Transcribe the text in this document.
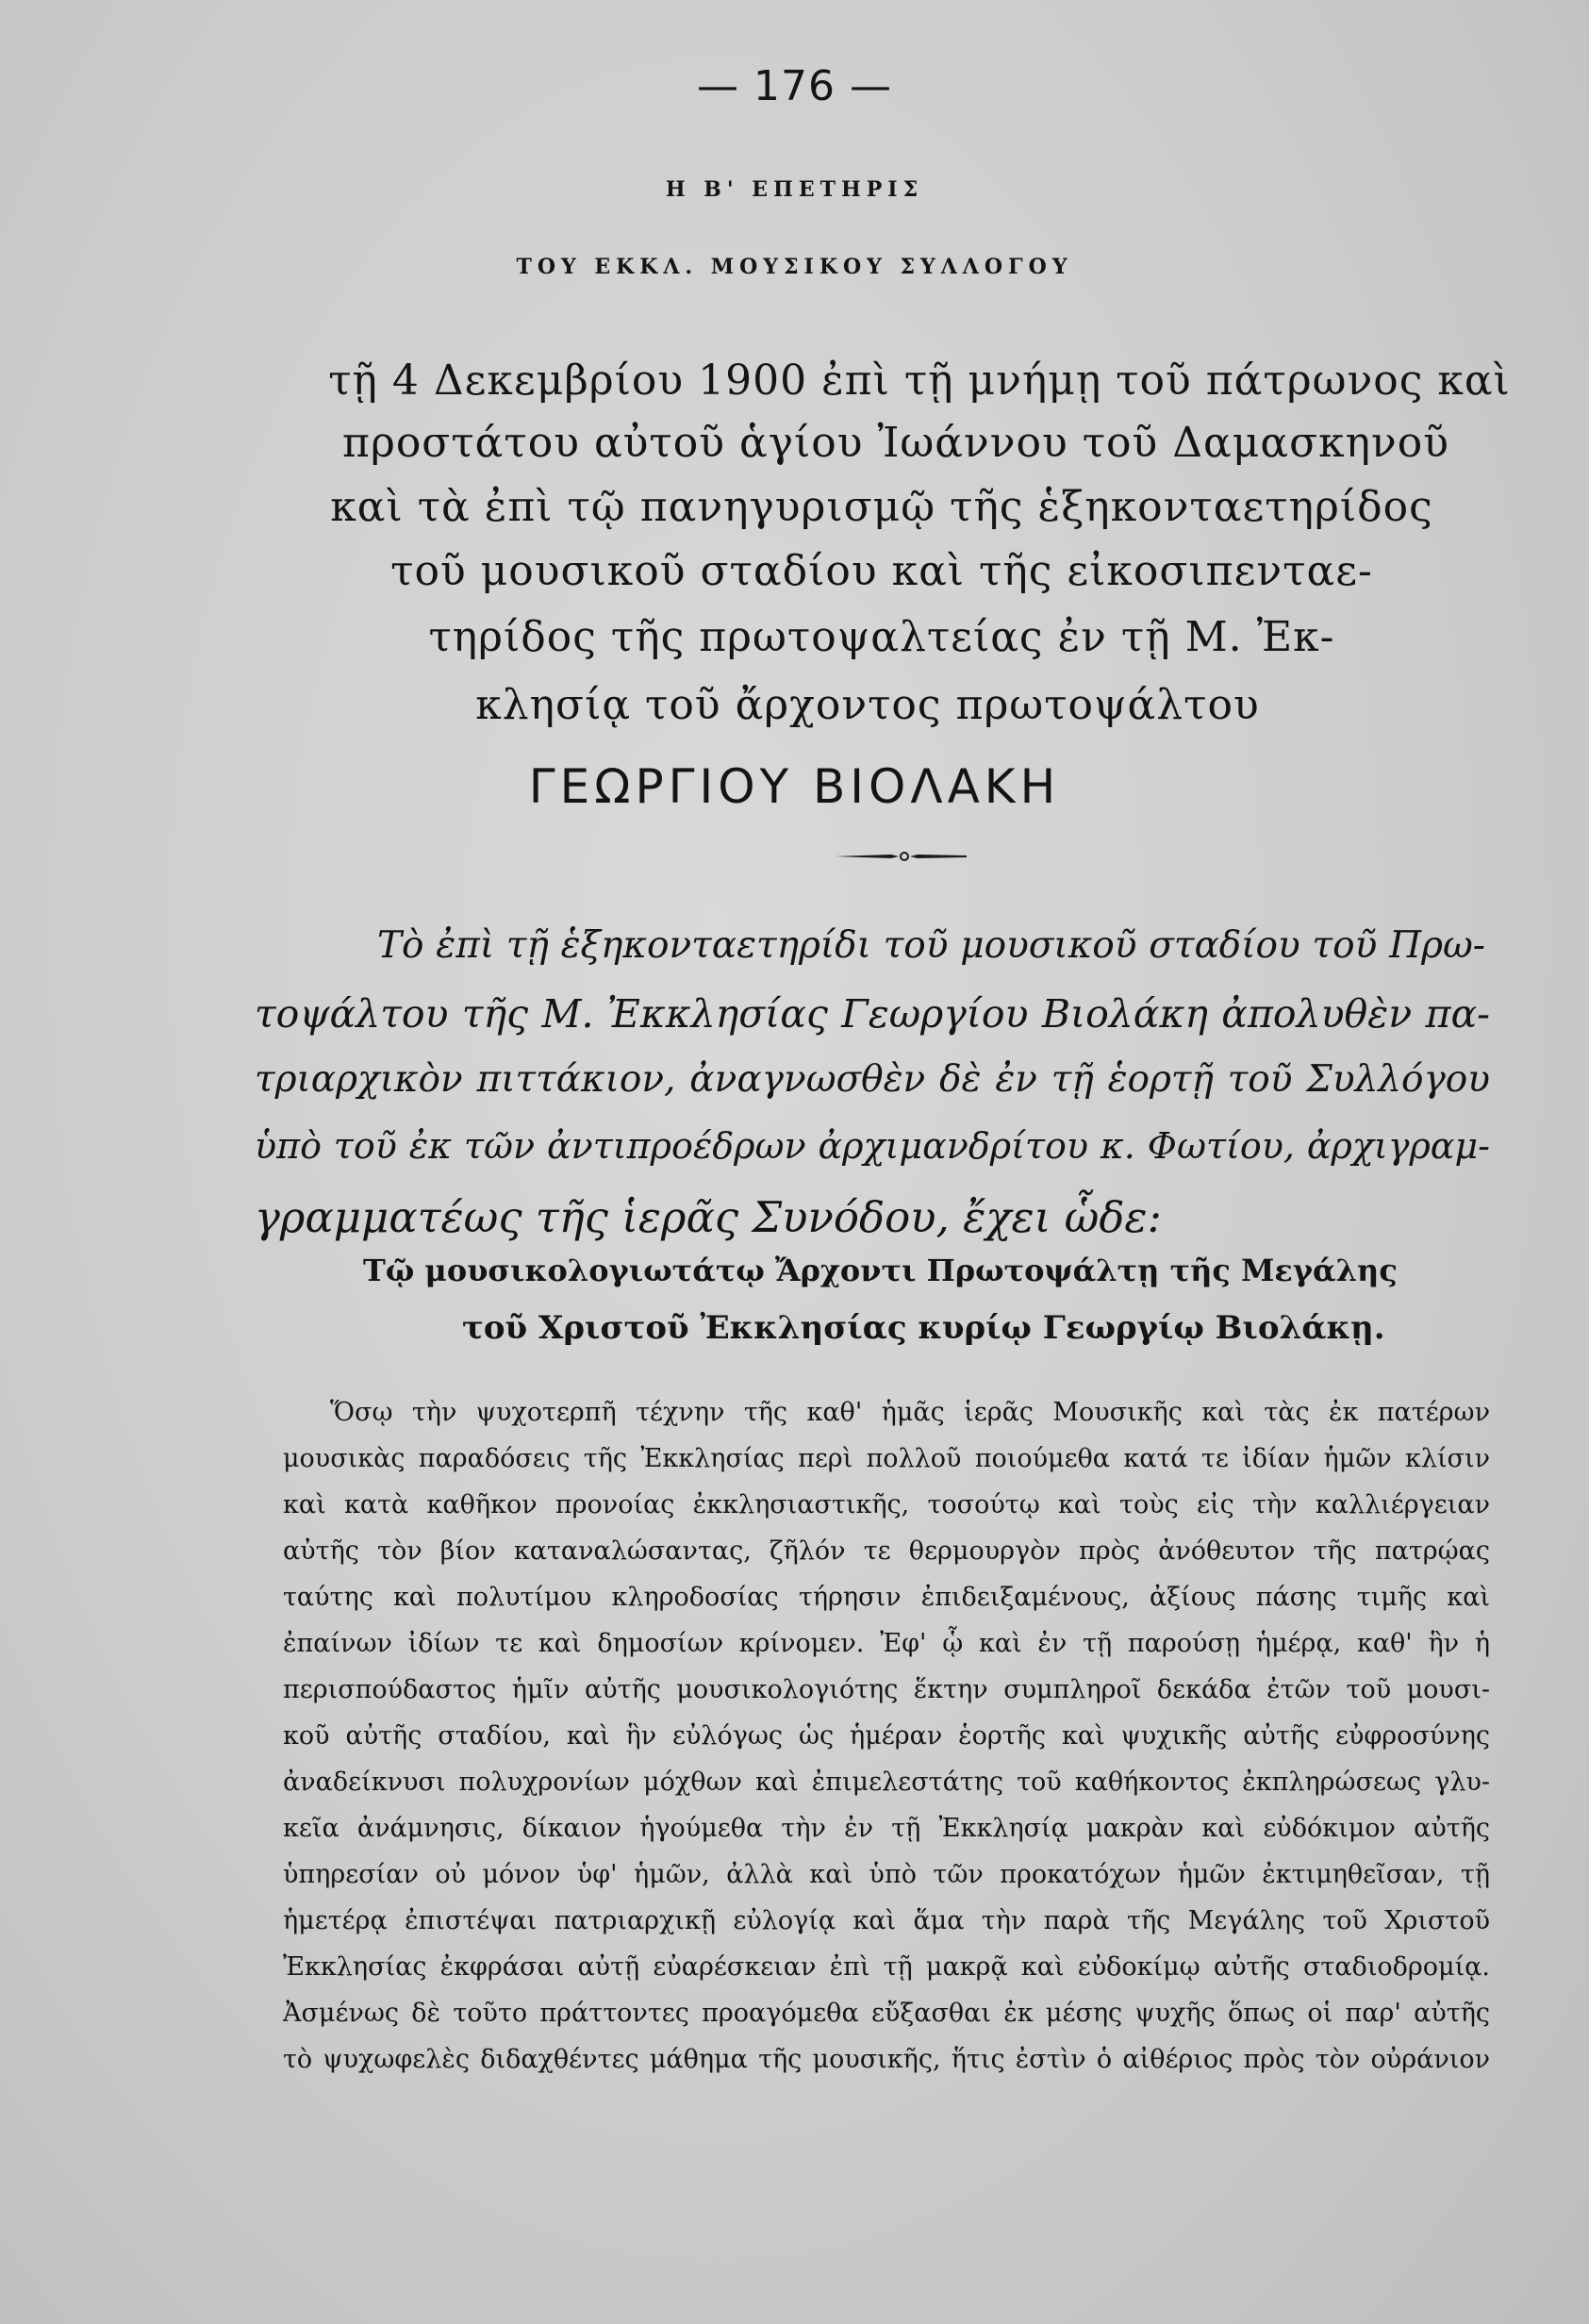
— 176 —
Η Β' ΕΠΕΤΗΡΙΣ
ΤΟΥ ΕΚΚΛ. ΜΟΥΣΙΚΟΥ ΣΥΛΛΟΓΟΥ
τῇ 4 Δεκεμβρίου 1900 ἐπὶ τῇ μνήμῃ τοῦ πάτρωνος καὶ
προστάτου αὐτοῦ ἁγίου Ἰωάννου τοῦ Δαμασκηνοῦ
καὶ τὰ ἐπὶ τῷ πανηγυρισμῷ τῆς ἑξηκονταετηρίδος
τοῦ μουσικοῦ σταδίου καὶ τῆς εἰκοσιπενταε-
τηρίδος τῆς πρωτοψαλτείας ἐν τῇ Μ. Ἐκ-
κλησίᾳ τοῦ ἄρχοντος πρωτοψάλτου
ΓΕΩΡΓΙΟΥ ΒΙΟΛΑΚΗ
Τὸ ἐπὶ τῇ ἑξηκονταετηρίδι τοῦ μουσικοῦ σταδίου τοῦ Πρω-
τοψάλτου τῆς Μ. Ἐκκλησίας Γεωργίου Βιολάκη ἀπολυθὲν πα-
τριαρχικὸν πιττάκιον, ἀναγνωσθὲν δὲ ἐν τῇ ἑορτῇ τοῦ Συλλόγου
ὑπὸ τοῦ ἐκ τῶν ἀντιπροέδρων ἀρχιμανδρίτου κ. Φωτίου, ἀρχιγραμ-
γραμματέως τῆς ἱερᾶς Συνόδου, ἔχει ὧδε:
Τῷ μουσικολογιωτάτῳ Ἄρχοντι Πρωτοψάλτῃ τῆς Μεγάλης
τοῦ Χριστοῦ Ἐκκλησίας κυρίῳ Γεωργίῳ Βιολάκῃ.
Ὅσῳ τὴν ψυχοτερπῆ τέχνην τῆς καθ' ἡμᾶς ἱερᾶς Μουσικῆς καὶ τὰς ἐκ πατέρων
μουσικὰς παραδόσεις τῆς Ἐκκλησίας περὶ πολλοῦ ποιούμεθα κατά τε ἰδίαν ἡμῶν κλίσιν
καὶ κατὰ καθῆκον προνοίας ἐκκλησιαστικῆς, τοσούτῳ καὶ τοὺς εἰς τὴν καλλιέργειαν
αὐτῆς τὸν βίον καταναλώσαντας, ζῆλόν τε θερμουργὸν πρὸς ἀνόθευτον τῆς πατρῴας
ταύτης καὶ πολυτίμου κληροδοσίας τήρησιν ἐπιδειξαμένους, ἀξίους πάσης τιμῆς καὶ
ἐπαίνων ἰδίων τε καὶ δημοσίων κρίνομεν. Ἐφ' ᾧ καὶ ἐν τῇ παρούσῃ ἡμέρᾳ, καθ' ἣν ἡ
περισπούδαστος ἡμῖν αὐτῆς μουσικολογιότης ἕκτην συμπληροῖ δεκάδα ἐτῶν τοῦ μουσι-
κοῦ αὐτῆς σταδίου, καὶ ἣν εὐλόγως ὡς ἡμέραν ἑορτῆς καὶ ψυχικῆς αὐτῆς εὐφροσύνης
ἀναδείκνυσι πολυχρονίων μόχθων καὶ ἐπιμελεστάτης τοῦ καθήκοντος ἐκπληρώσεως γλυ-
κεῖα ἀνάμνησις, δίκαιον ἡγούμεθα τὴν ἐν τῇ Ἐκκλησίᾳ μακρὰν καὶ εὐδόκιμον αὐτῆς
ὑπηρεσίαν οὐ μόνον ὑφ' ἡμῶν, ἀλλὰ καὶ ὑπὸ τῶν προκατόχων ἡμῶν ἐκτιμηθεῖσαν, τῇ
ἡμετέρᾳ ἐπιστέψαι πατριαρχικῇ εὐλογίᾳ καὶ ἅμα τὴν παρὰ τῆς Μεγάλης τοῦ Χριστοῦ
Ἐκκλησίας ἐκφράσαι αὐτῇ εὐαρέσκειαν ἐπὶ τῇ μακρᾷ καὶ εὐδοκίμῳ αὐτῆς σταδιοδρομίᾳ.
Ἀσμένως δὲ τοῦτο πράττοντες προαγόμεθα εὔξασθαι ἐκ μέσης ψυχῆς ὅπως οἱ παρ' αὐτῆς
τὸ ψυχωφελὲς διδαχθέντες μάθημα τῆς μουσικῆς, ἥτις ἐστὶν ὁ αἰθέριος πρὸς τὸν οὐράνιον
